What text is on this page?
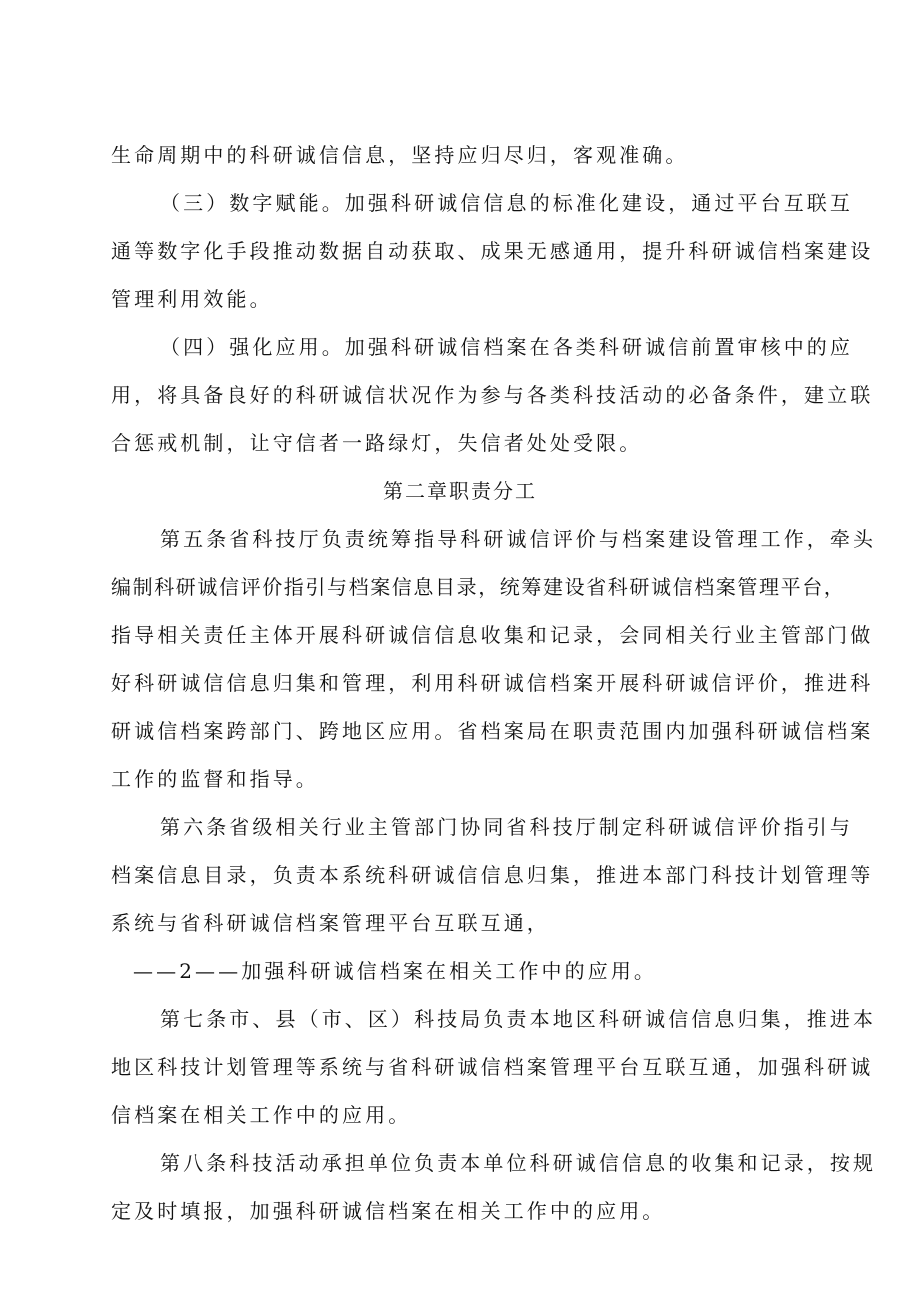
生命周期中的科研诚信信息，坚持应归尽归，客观准确。
（三）数字赋能。加强科研诚信信息的标准化建设，通过平台互联互
通等数字化手段推动数据自动获取、成果无感通用，提升科研诚信档案建设
管理利用效能。
（四）强化应用。加强科研诚信档案在各类科研诚信前置审核中的应
用，将具备良好的科研诚信状况作为参与各类科技活动的必备条件，建立联
合惩戒机制，让守信者一路绿灯，失信者处处受限。
第二章职责分工
第五条省科技厅负责统筹指导科研诚信评价与档案建设管理工作，牵头
编制科研诚信评价指引与档案信息目录，统筹建设省科研诚信档案管理平台，
指导相关责任主体开展科研诚信信息收集和记录，会同相关行业主管部门做
好科研诚信信息归集和管理，利用科研诚信档案开展科研诚信评价，推进科
研诚信档案跨部门、跨地区应用。省档案局在职责范围内加强科研诚信档案
工作的监督和指导。
第六条省级相关行业主管部门协同省科技厅制定科研诚信评价指引与
档案信息目录，负责本系统科研诚信信息归集，推进本部门科技计划管理等
系统与省科研诚信档案管理平台互联互通，
——2——加强科研诚信档案在相关工作中的应用。
第七条市、县（市、区）科技局负责本地区科研诚信信息归集，推进本
地区科技计划管理等系统与省科研诚信档案管理平台互联互通，加强科研诚
信档案在相关工作中的应用。
第八条科技活动承担单位负责本单位科研诚信信息的收集和记录，按规
定及时填报，加强科研诚信档案在相关工作中的应用。
